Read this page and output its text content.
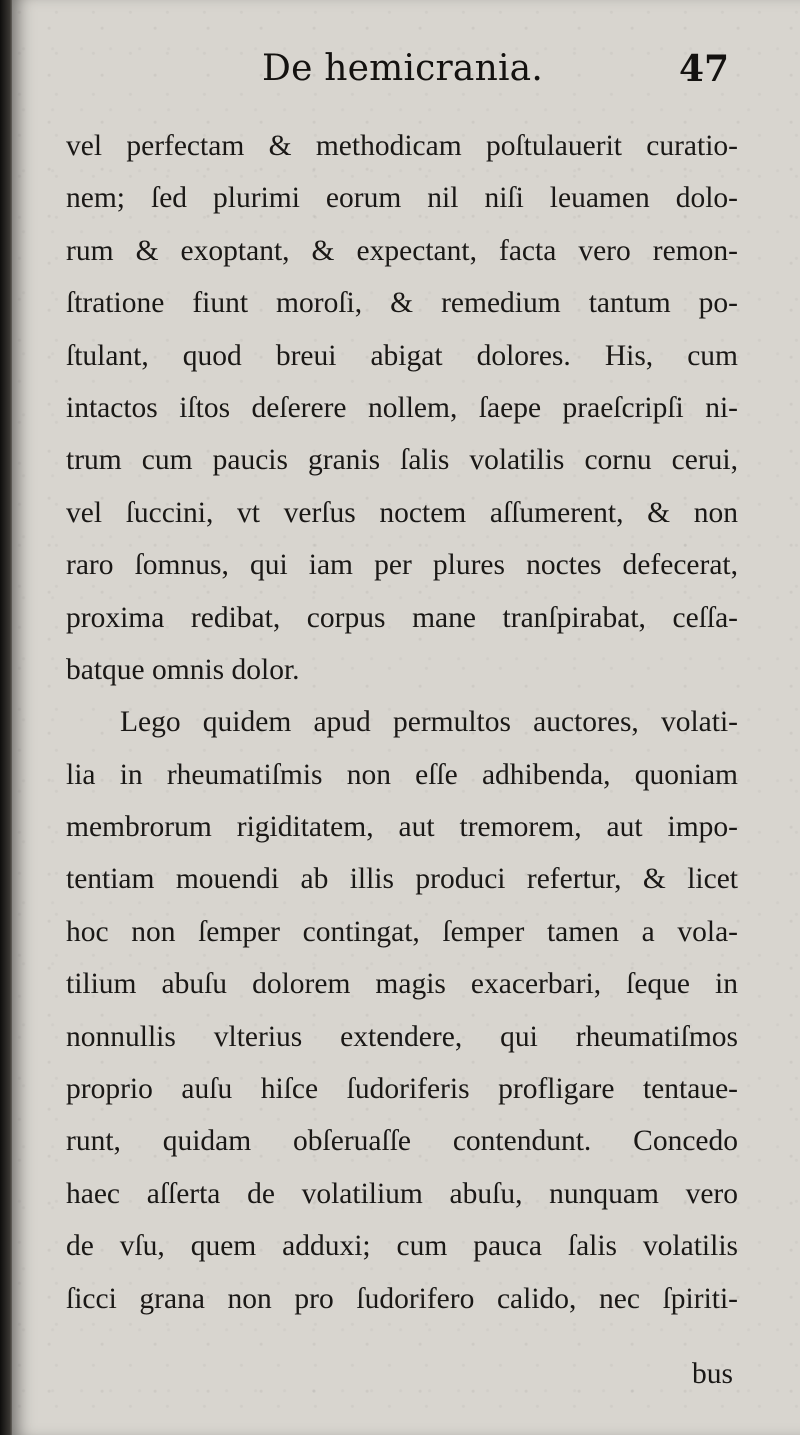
De hemicrania.	47
vel perfectam & methodicam poſtulauerit curatio-
nem; ſed plurimi eorum nil niſi leuamen dolo-
rum & exoptant, & expectant, facta vero remon-
ſtratione fiunt moroſi, & remedium tantum po-
ſtulant, quod breui abigat dolores. His, cum
intactos iſtos deſerere nollem, ſaepe praeſcripſi ni-
trum cum paucis granis ſalis volatilis cornu cerui,
vel ſuccini, vt verſus noctem aſſumerent, & non
raro ſomnus, qui iam per plures noctes defecerat,
proxima redibat, corpus mane tranſpirabat, ceſſa-
batque omnis dolor.
Lego quidem apud permultos auctores, volati-
lia in rheumatiſmis non eſſe adhibenda, quoniam
membrorum rigiditatem, aut tremorem, aut impo-
tentiam mouendi ab illis produci refertur, & licet
hoc non ſemper contingat, ſemper tamen a vola-
tilium abuſu dolorem magis exacerbari, ſeque in
nonnullis vlterius extendere, qui rheumatiſmos
proprio auſu hiſce ſudoriferis profligare tentaue-
runt, quidam obſeruaſſe contendunt. Concedo
haec aſſerta de volatilium abuſu, nunquam vero
de vſu, quem adduxi; cum pauca ſalis volatilis
ſicci grana non pro ſudorifero calido, nec ſpiriti-
bus
